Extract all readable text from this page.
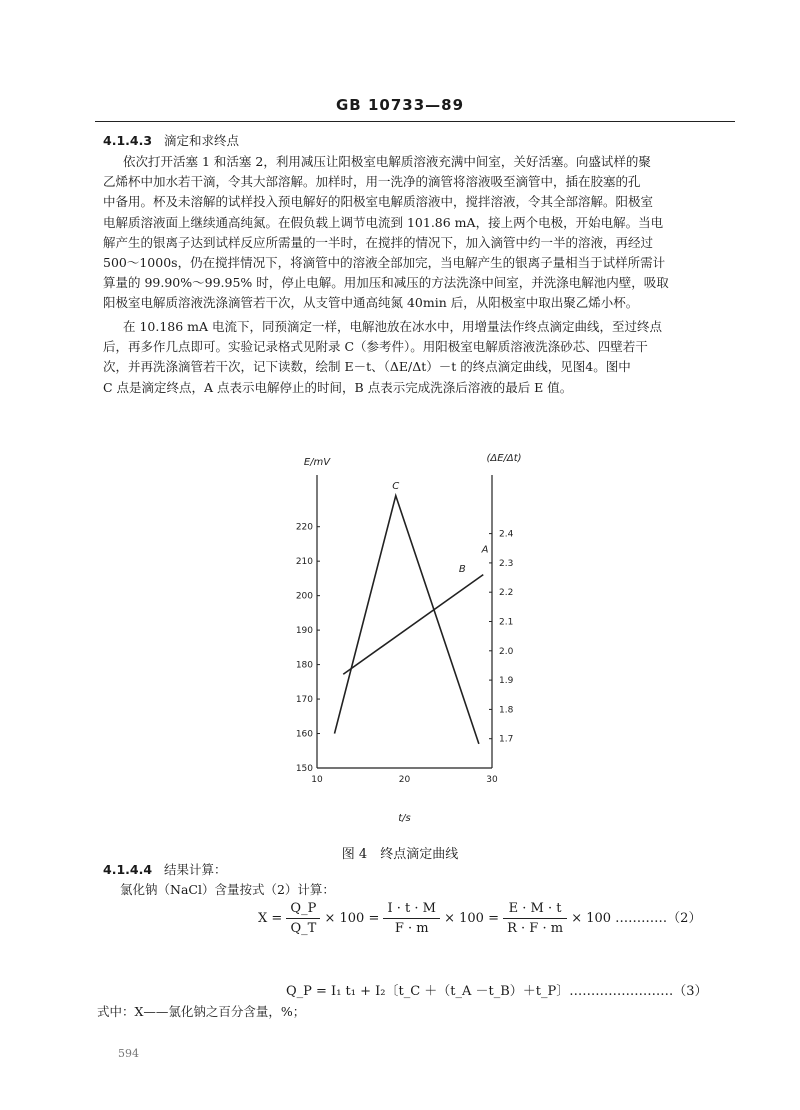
GB 10733—89
4.1.4.3 滴定和求终点
依次打开活塞 1 和活塞 2，利用减压让阳极室电解质溶液充满中间室，关好活塞。向盛试样的聚
乙烯杯中加水若干滴，令其大部溶解。加样时，用一洗净的滴管将溶液吸至滴管中，插在胶塞的孔
中备用。杯及未溶解的试样投入预电解好的阳极室电解质溶液中，搅拌溶液，令其全部溶解。阳极室
电解质溶液面上继续通高纯氮。在假负载上调节电流到 101.86 mA，接上两个电极，开始电解。当电
解产生的银离子达到试样反应所需量的一半时，在搅拌的情况下，加入滴管中约一半的溶液，再经过
500～1000s，仍在搅拌情况下，将滴管中的溶液全部加完，当电解产生的银离子量相当于试样所需计
算量的 99.90%～99.95% 时，停止电解。用加压和减压的方法洗涤中间室，并洗涤电解池内壁，吸取
阳极室电解质溶液洗涤滴管若干次，从支管中通高纯氮 40min 后，从阳极室中取出聚乙烯小杯。
在 10.186 mA 电流下，同预滴定一样，电解池放在冰水中，用增量法作终点滴定曲线，至过终点
后，再多作几点即可。实验记录格式见附录 C（参考件）。用阳极室电解质溶液洗涤砂芯、四壁若干
次，并再洗涤滴管若干次，记下读数，绘制 E－t、（ΔE/Δt）－t 的终点滴定曲线，见图4。图中
C 点是滴定终点，A 点表示电解停止的时间，B 点表示完成洗涤后溶液的最后 E 值。
150
160
170
180
190
200
210
220
1.7
1.8
1.9
2.0
2.1
2.2
2.3
2.4
10	20	30
E/mV	(ΔE/Δt)
t/s
C
A
B
图 4　终点滴定曲线
4.1.4.4 结果计算：
氯化钠（NaCl）含量按式（2）计算：
$X = \frac{Q\_P}{Q\_T} \times 100 = \frac{I \cdot t \cdot M}{F \cdot m} \times 100 = \frac{E \cdot M \cdot t}{R \cdot F \cdot m} \times 100$ …………（2）
Q_P = I₁ t₁ + I₂〔t_C ＋（t_A －t_B）＋t_P〕……………………（3）
式中：X——氯化钠之百分含量，%；
594
